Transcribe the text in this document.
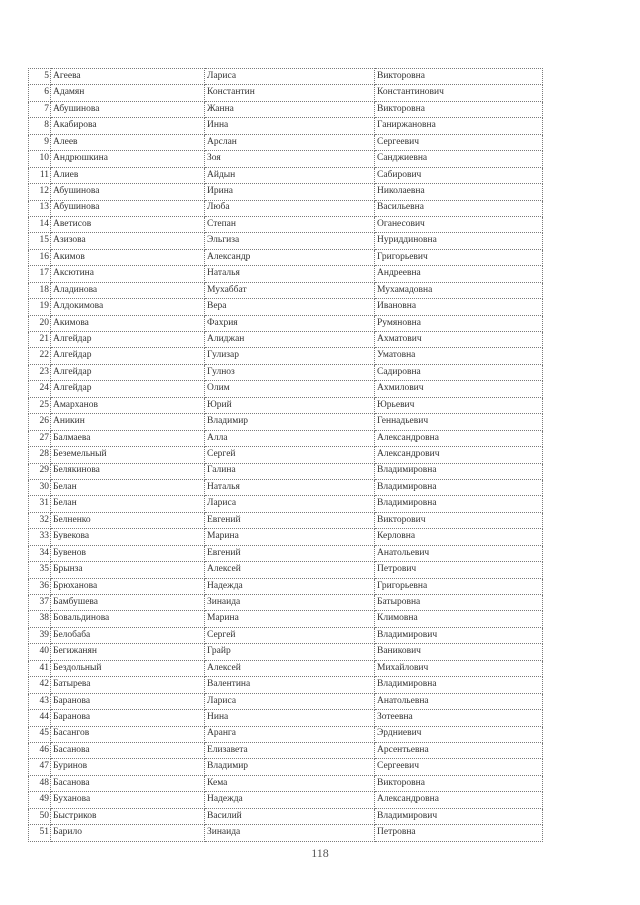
5	Агеева	Лариса	Викторовна
6	Адамян	Константин	Константинович
7	Абушинова	Жанна	Викторовна
8	Акабирова	Инна	Ганиржановна
9	Алеев	Арслан	Сергеевич
10	Андрюшкина	Зоя	Санджиевна
11	Алиев	Айдын	Сабирович
12	Абушинова	Ирина	Николаевна
13	Абушинова	Люба	Васильевна
14	Аветисов	Степан	Оганесович
15	Азизова	Эльгиза	Нуриддиновна
16	Акимов	Александр	Григорьевич
17	Аксютина	Наталья	Андреевна
18	Аладинова	Мухаббат	Мухамадовна
19	Алдокимова	Вера	Ивановна
20	Акимова	Фахрия	Румяновна
21	Алгейдар	Алиджан	Ахматович
22	Алгейдар	Гулизар	Уматовна
23	Алгейдар	Гулноз	Садировна
24	Алгейдар	Олим	Ахмилович
25	Амарханов	Юрий	Юрьевич
26	Аникин	Владимир	Геннадьевич
27	Балмаева	Алла	Александровна
28	Беземельный	Сергей	Александрович
29	Белякинова	Галина	Владимировна
30	Белан	Наталья	Владимировна
31	Белан	Лариса	Владимировна
32	Белненко	Евгений	Викторович
33	Бувекова	Марина	Керловна
34	Бувенов	Евгений	Анатольевич
35	Брынза	Алексей	Петрович
36	Брюханова	Надежда	Григорьевна
37	Бамбушева	Зинаида	Батыровна
38	Бовальдинова	Марина	Климовна
39	Белобаба	Сергей	Владимирович
40	Бегижанян	Грайр	Ваникович
41	Бездольный	Алексей	Михайлович
42	Батырева	Валентина	Владимировна
43	Баранова	Лариса	Анатольевна
44	Баранова	Нина	Зотеевна
45	Басангов	Аранга	Эрдниевич
46	Басанова	Елизавета	Арсентьевна
47	Буринов	Владимир	Сергеевич
48	Басанова	Кема	Викторовна
49	Буханова	Надежда	Александровна
50	Быстриков	Василий	Владимирович
51	Барило	Зинаида	Петровна
118
